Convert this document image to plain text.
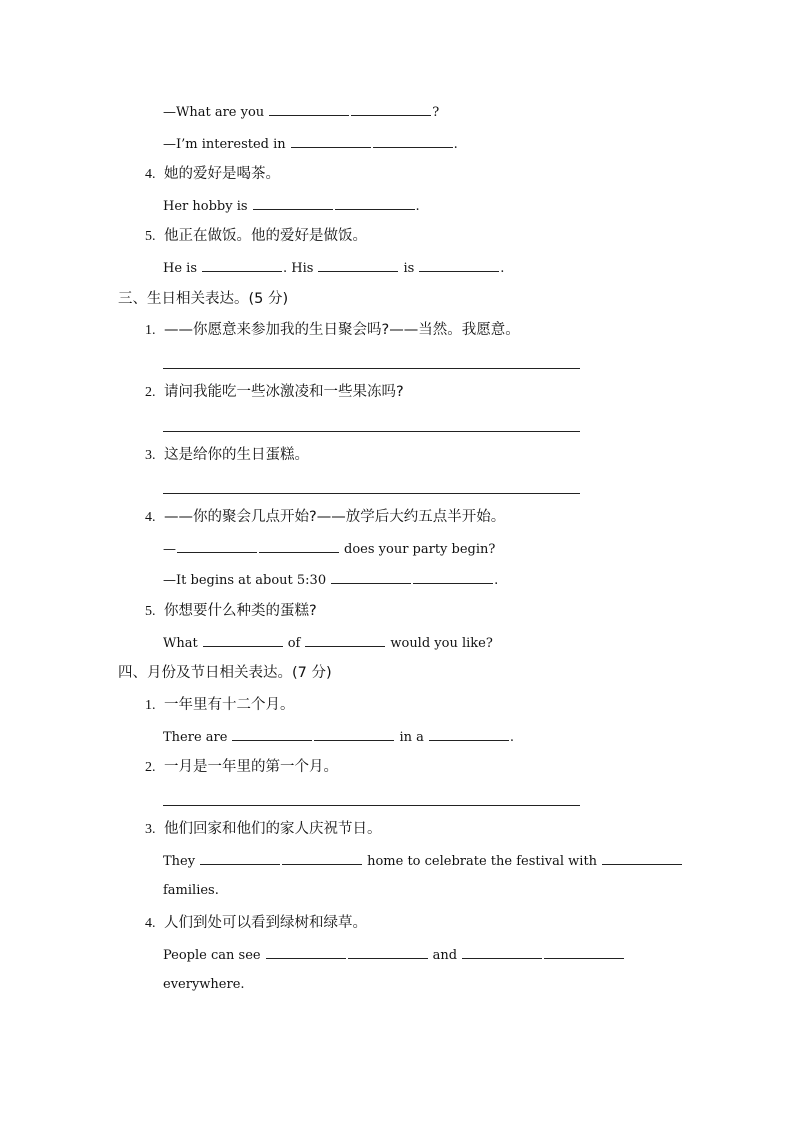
—What are you	?
—I’m interested in	.
4. 她的爱好是喝茶。
Her hobby is	.
5. 他正在做饭。他的爱好是做饭。
He is	. His	is	.
三、生日相关表达。(5 分)
1. ——你愿意来参加我的生日聚会吗?——当然。我愿意。
2. 请问我能吃一些冰激凌和一些果冻吗?
3. 这是给你的生日蛋糕。
4. ——你的聚会几点开始?——放学后大约五点半开始。
—	does your party begin?
—It begins at about 5:30	.
5. 你想要什么种类的蛋糕?
What	of	would you like?
四、月份及节日相关表达。(7 分)
1. 一年里有十二个月。
There are	in a	.
2. 一月是一年里的第一个月。
3. 他们回家和他们的家人庆祝节日。
They	home to celebrate the festival with
families.
4. 人们到处可以看到绿树和绿草。
People can see	and
everywhere.
